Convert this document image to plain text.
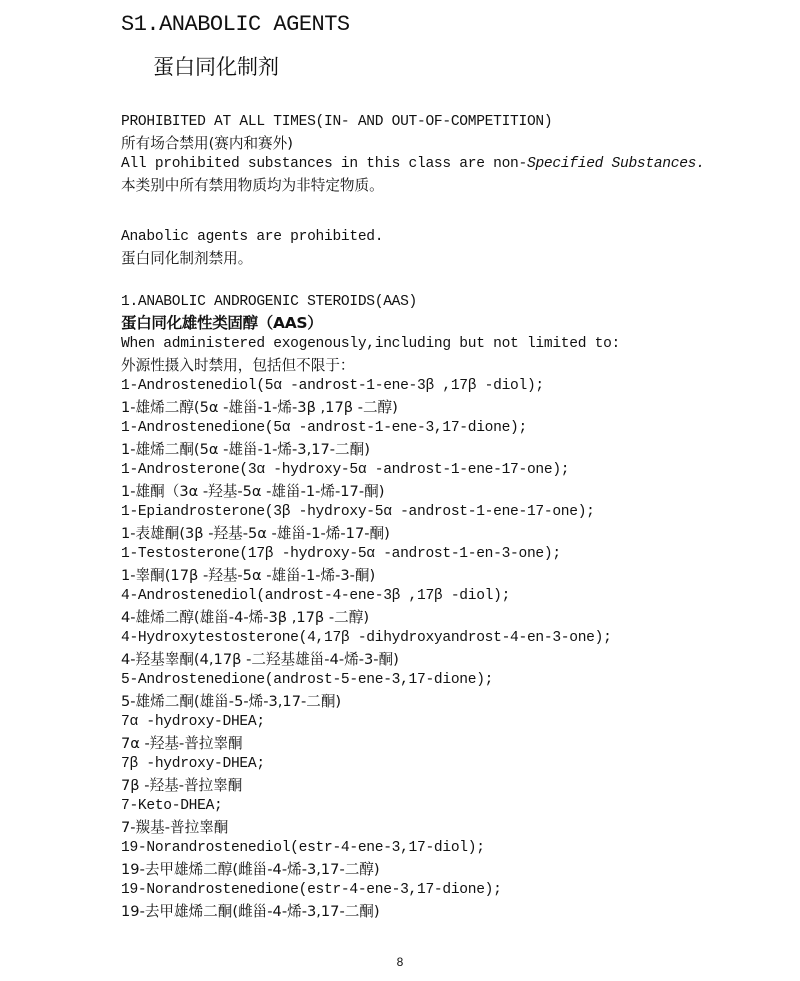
S1.ANABOLIC AGENTS
蛋白同化制剂
PROHIBITED AT ALL TIMES(IN- AND OUT-OF-COMPETITION)
所有场合禁用(赛内和赛外)
All prohibited substances in this class are non-Specified Substances.
本类别中所有禁用物质均为非特定物质。
Anabolic agents are prohibited.
蛋白同化制剂禁用。
1.ANABOLIC ANDROGENIC STEROIDS(AAS)
蛋白同化雄性类固醇（AAS）
When administered exogenously,including but not limited to:
外源性摄入时禁用，包括但不限于：
1-Androstenediol(5α -androst-1-ene-3β ,17β -diol);
1-雄烯二醇(5α -雄甾-1-烯-3β ,17β -二醇)
1-Androstenedione(5α -androst-1-ene-3,17-dione);
1-雄烯二酮(5α -雄甾-1-烯-3,17-二酮)
1-Androsterone(3α -hydroxy-5α -androst-1-ene-17-one);
1-雄酮（3α -羟基-5α -雄甾-1-烯-17-酮)
1-Epiandrosterone(3β -hydroxy-5α -androst-1-ene-17-one);
1-表雄酮(3β -羟基-5α -雄甾-1-烯-17-酮)
1-Testosterone(17β -hydroxy-5α -androst-1-en-3-one);
1-睾酮(17β -羟基-5α -雄甾-1-烯-3-酮)
4-Androstenediol(androst-4-ene-3β ,17β -diol);
4-雄烯二醇(雄甾-4-烯-3β ,17β -二醇)
4-Hydroxytestosterone(4,17β -dihydroxyandrost-4-en-3-one);
4-羟基睾酮(4,17β -二羟基雄甾-4-烯-3-酮)
5-Androstenedione(androst-5-ene-3,17-dione);
5-雄烯二酮(雄甾-5-烯-3,17-二酮)
7α -hydroxy-DHEA;
7α -羟基-普拉睾酮
7β -hydroxy-DHEA;
7β -羟基-普拉睾酮
7-Keto-DHEA;
7-羰基-普拉睾酮
19-Norandrostenediol(estr-4-ene-3,17-diol);
19-去甲雄烯二醇(雌甾-4-烯-3,17-二醇)
19-Norandrostenedione(estr-4-ene-3,17-dione);
19-去甲雄烯二酮(雌甾-4-烯-3,17-二酮)
8
